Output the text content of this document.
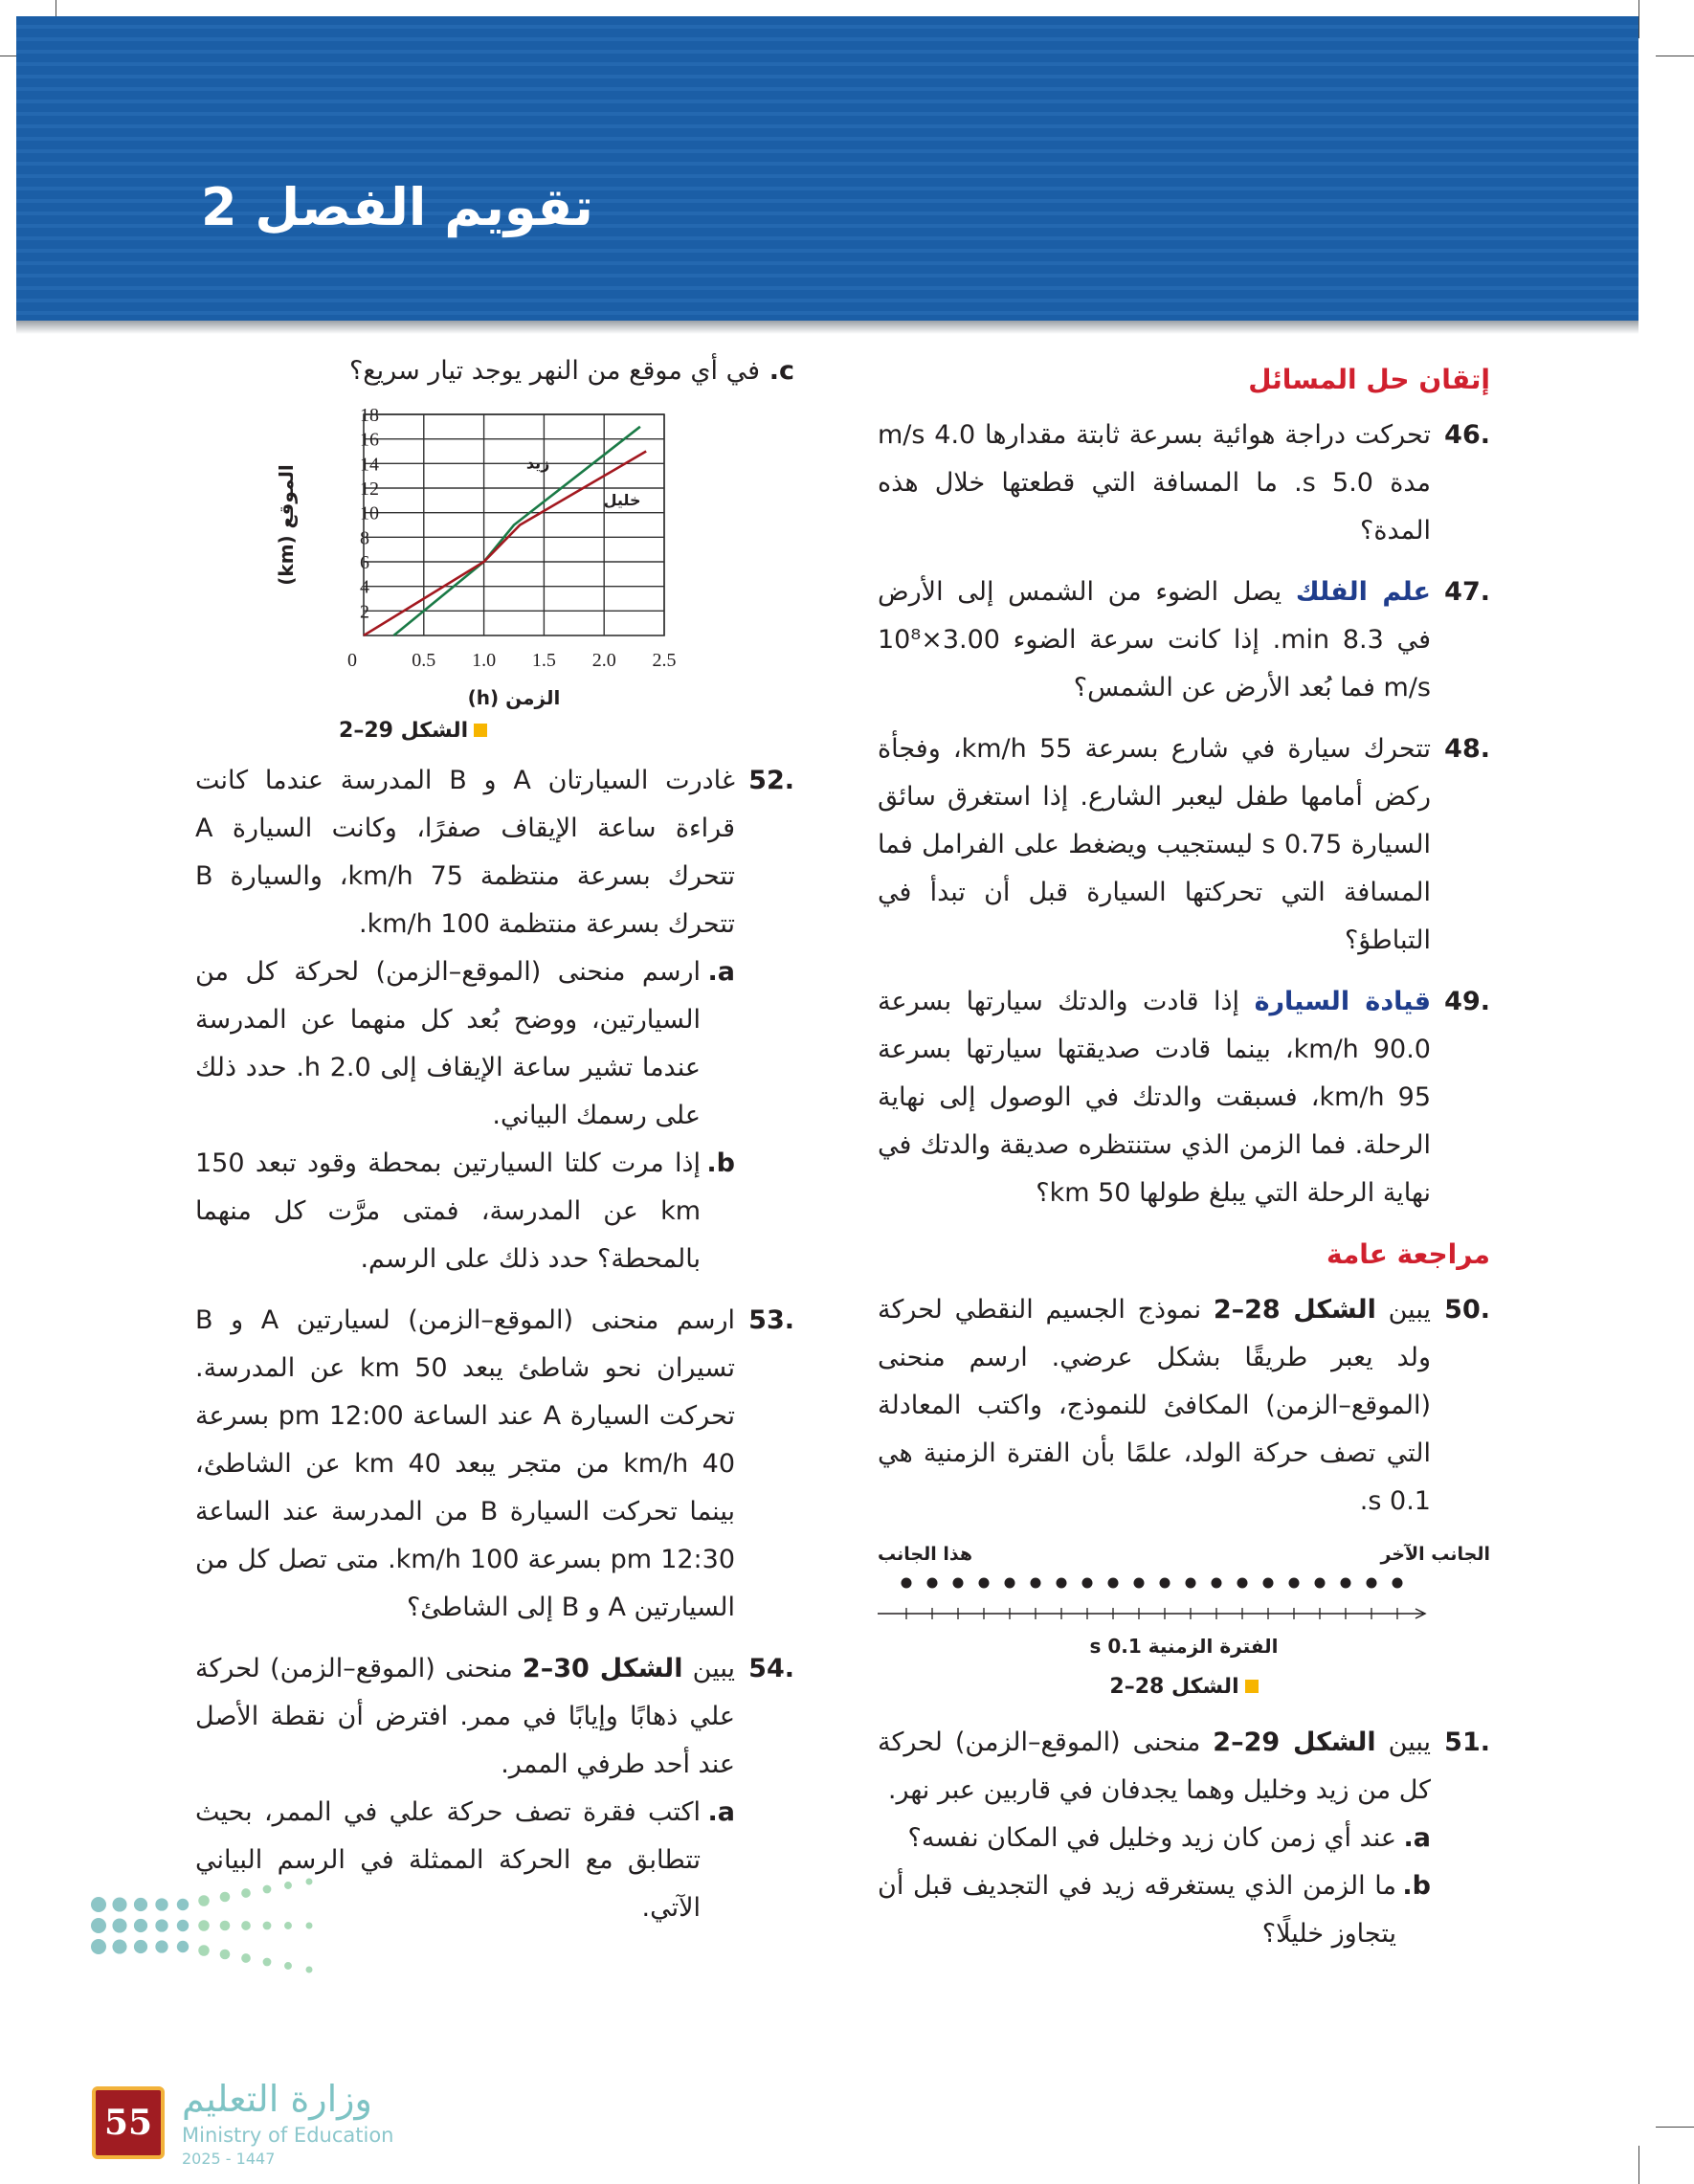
تقويم الفصل 2
إتقان حل المسائل
46.
تحركت دراجة هوائية بسرعة ثابتة مقدارها 4.0 m/s مدة 5.0 s. ما المسافة التي قطعتها خلال هذه المدة؟
47.
علم الفلك يصل الضوء من الشمس إلى الأرض في 8.3 min. إذا كانت سرعة الضوء 3.00×10⁸ m/s فما بُعد الأرض عن الشمس؟
48.
تتحرك سيارة في شارع بسرعة 55 km/h، وفجأة ركض أمامها طفل ليعبر الشارع. إذا استغرق سائق السيارة 0.75 s ليستجيب ويضغط على الفرامل فما المسافة التي تحركتها السيارة قبل أن تبدأ في التباطؤ؟
49.
قيادة السيارة إذا قادت والدتك سيارتها بسرعة 90.0 km/h، بينما قادت صديقتها سيارتها بسرعة 95 km/h، فسبقت والدتك في الوصول إلى نهاية الرحلة. فما الزمن الذي ستنتظره صديقة والدتك في نهاية الرحلة التي يبلغ طولها 50 km؟
مراجعة عامة
50.
يبين الشكل 28–2 نموذج الجسيم النقطي لحركة ولد يعبر طريقًا بشكل عرضي. ارسم منحنى (الموقع–الزمن) المكافئ للنموذج، واكتب المعادلة التي تصف حركة الولد، علمًا بأن الفترة الزمنية هي 0.1 s.
الجانب الآخر
هذا الجانب
الفترة الزمنية 0.1 s
الشكل 28–2
51.
يبين الشكل 29–2 منحنى (الموقع–الزمن) لحركة كل من زيد وخليل وهما يجدفان في قاربين عبر نهر.
a.
عند أي زمن كان زيد وخليل في المكان نفسه؟
b.
ما الزمن الذي يستغرقه زيد في التجديف قبل أن يتجاوز خليلًا؟
c.
في أي موقع من النهر يوجد تيار سريع؟
0	0.5 1.0 1.5 2.0 2.5
2
4
6
8
10
12
14
16
18
زيد
خليل
الزمن (h)
الموقع (km)
الشكل 29–2
52.
غادرت السيارتان A و B المدرسة عندما كانت قراءة ساعة الإيقاف صفرًا، وكانت السيارة A تتحرك بسرعة منتظمة 75 km/h، والسيارة B تتحرك بسرعة منتظمة 100 km/h.
a.
ارسم منحنى (الموقع–الزمن) لحركة كل من السيارتين، ووضح بُعد كل منهما عن المدرسة عندما تشير ساعة الإيقاف إلى 2.0 h. حدد ذلك على رسمك البياني.
b.
إذا مرت كلتا السيارتين بمحطة وقود تبعد 150 km عن المدرسة، فمتى مرَّت كل منهما بالمحطة؟ حدد ذلك على الرسم.
53.
ارسم منحنى (الموقع–الزمن) لسيارتين A و B تسيران نحو شاطئ يبعد 50 km عن المدرسة. تحركت السيارة A عند الساعة 12:00 pm بسرعة 40 km/h من متجر يبعد 40 km عن الشاطئ، بينما تحركت السيارة B من المدرسة عند الساعة 12:30 pm بسرعة 100 km/h. متى تصل كل من السيارتين A و B إلى الشاطئ؟
54.
يبين الشكل 30–2 منحنى (الموقع–الزمن) لحركة علي ذهابًا وإيابًا في ممر. افترض أن نقطة الأصل عند أحد طرفي الممر.
a.
اكتب فقرة تصف حركة علي في الممر، بحيث تتطابق مع الحركة الممثلة في الرسم البياني الآتي.
55
وزارة التعليم
Ministry of Education
2025 - 1447
